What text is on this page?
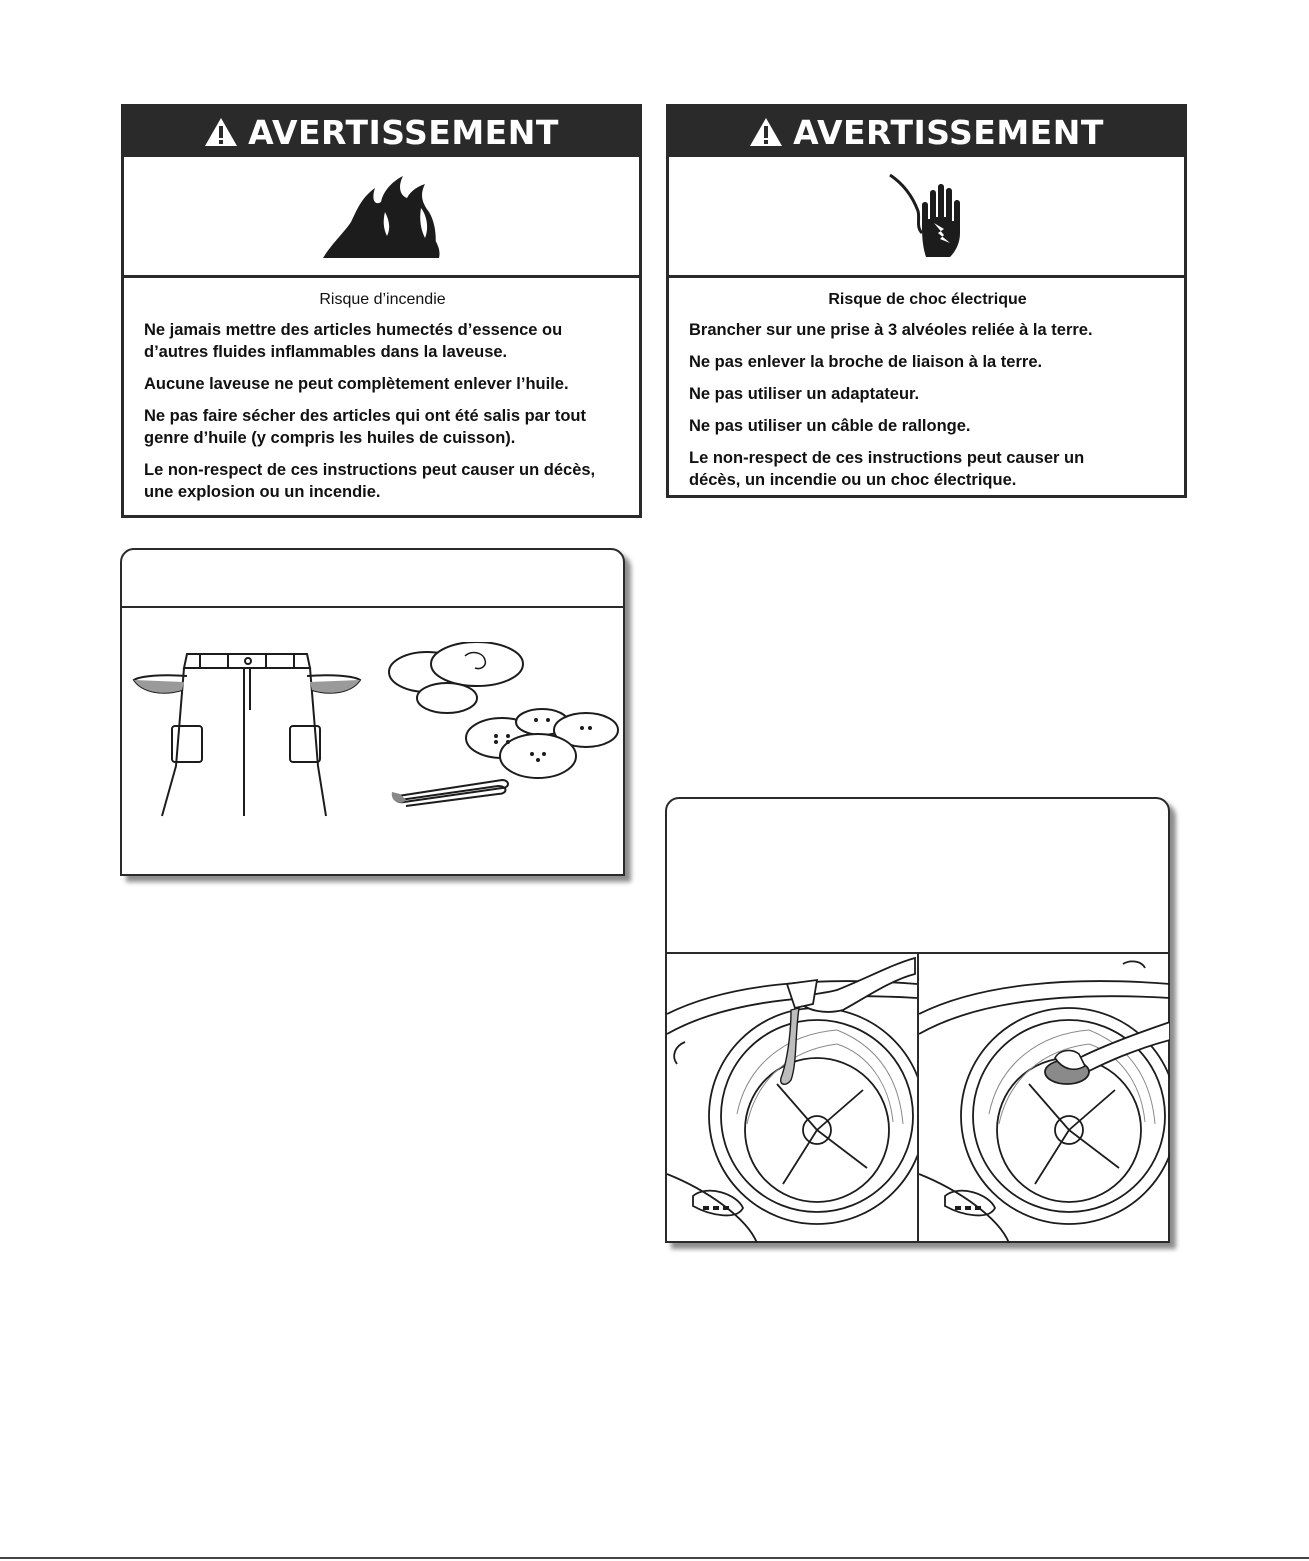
AVERTISSEMENT
Risque d’incendie

Ne jamais mettre des articles humectés d’essence ou d’autres fluides inflammables dans la laveuse.

Aucune laveuse ne peut complètement enlever l’huile.

Ne pas faire sécher des articles qui ont été salis par tout genre d’huile (y compris les huiles de cuisson).

Le non-respect de ces instructions peut causer un décès, une explosion ou un incendie.

AVERTISSEMENT
Risque de choc électrique

Brancher sur une prise à 3 alvéoles reliée à la terre.

Ne pas enlever la broche de liaison à la terre.

Ne pas utiliser un adaptateur.

Ne pas utiliser un câble de rallonge.

Le non-respect de ces instructions peut causer un décès, un incendie ou un choc électrique.
